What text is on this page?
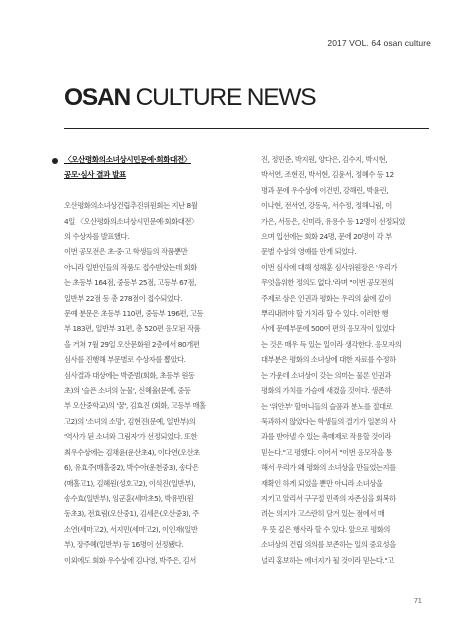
2017 VOL. 64 osan culture
OSAN CULTURE NEWS
〈오산평화의소녀상시민문예·회화대전〉
공모·심사 결과 발표
오산평화의소녀상건립추진위원회는 지난 8월
4일 〈오산평화의소녀상시민문예·회화대전〉
의 수상자를 발표했다.
이번 공모전은 초·중·고 학생들의 작품뿐만
아니라 일반인들의 작품도 접수받았는데 회화
는 초등부 164점, 중등부 25점, 고등부 67점,
일반부 22점 등 총 278점이 접수되었다.
문예 분문은 초등부 110편, 중등부 196편, 고등
부 183편, 일반부 31편, 총 520편 응모된 작품
을 거쳐 7월 29일 오산문화원 2층에서 80개편
심사를 진행해 부문별로 수상자를 뽑았다.
심사결과 대상에는 박준범(회화, 초등부 원동
초)의 '슬픈 소녀의 눈물', 신혜율(문예, 중등
부 오산중학교)의 '꿈', 김효진 (회화, 고등부 매홀
고2)의 '소녀의 소망', 김현진(문예, 일반부)의
'역사가 된 소녀와 그림자'가 선정되었다. 또한
최우수상에는 김채윤(운산초4), 이다연(오산초
6), 유효주(매홀중2), 박수아(운천중3), 송다은
(매홀고1), 김혜원(성호고2), 이석진(일반부),
송수효(일반부), 임군훈(세마초5), 박유빈(원
동초3), 전효림(오산중1), 김세은(오산중3), 주
소연(세마고2), 서지민(세마고2), 이인재(일반
부), 장주혜(일반부) 등 16명이 선정됐다.
이외에도 회화 우수상에 김나영, 박주은, 김서
진, 정민준, 박지원, 양다은, 김수지, 박시현,
박서연, 조현진, 박서현, 김윤서, 정혜수 등 12
명과 문에 우수상에 이건빈, 강해린, 박윤린,
이나현, 전서연, 강동욱, 서수정, 정해니림, 이
가은, 서동은, 신미라, 유용수 등 12명이 선정되었
으며 입선에는 회화 24명, 문에 20명이 각 부
문별 수상의 영예를 안게 되었다.
이번 심사에 대해 성해훈 심사위원장은 '우리가
무엇을위한 정의도 없다.'라며 "이번 공모전의
주제로 삼은 인권과 평화는 우리의 삶에 깊이
뿌리내려야 할 가치라 할 수 있다. 이러한 행
사에 문예부문에 500여 편의 응모작이 있었다
는 것은 매우 득 있는 일이라 생각한다. 응모자의
대부분은 평화의 소녀상에 대한 자료를 수정하
는 가운데 소녀상이 갖는 의미는 물론 인권과
평화의 가치를 가슴에 새겼을 것이다. 생존하
는 '위안부' 할머니들의 슬픔과 분노를 절대로
묵과하지 않았다는 학생들의 결기가 일본의 사
과를 받아낼 수 있는 촉매제로 작용할 것이라
믿는다."고 평했다. 이어서 "이번 응모작을 통
해서 우리가 왜 평화의 소녀상을 만들었는지를
재확인 하게 되었을 뿐만 아니라 소녀상을
지키고 알리서 구구절 민족의 자존심을 회복하
려는 의지가 고스란히 담겨 있는 점에서 매
우 뜻 깊은 행사라 할 수 있다. 앞으로 평화의
소녀상의 건립 의의를 보존하는 일의 중요성을
널리 홍보하는 에너지가 될 것이라 믿는다."고
71
